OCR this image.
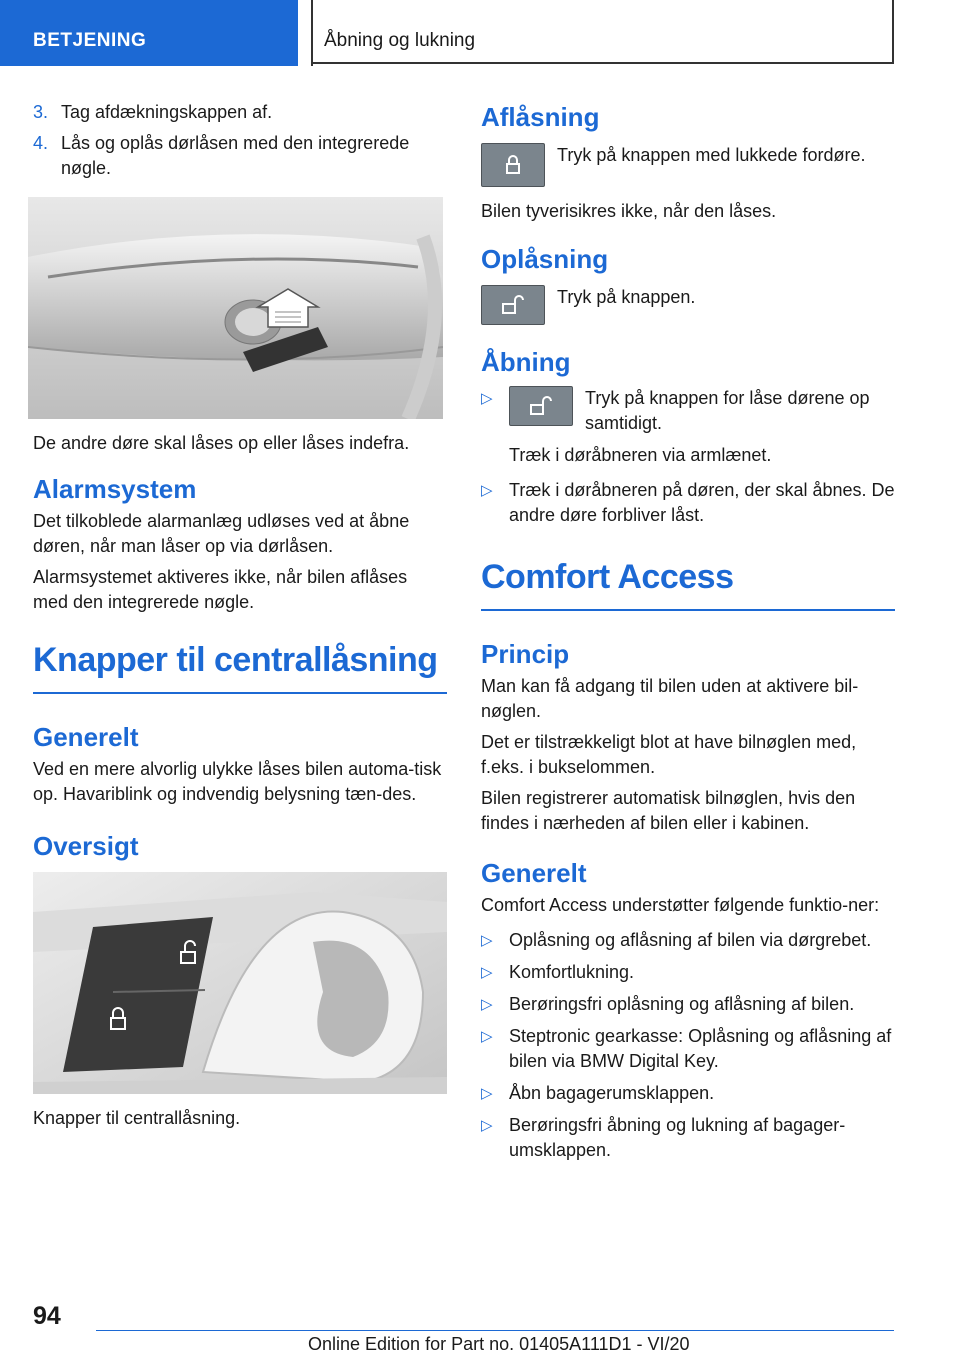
BETJENING	Åbning og lukning
3. Tag afdækningskappen af.
4. Lås og oplås dørlåsen med den integrerede nøgle.

De andre døre skal låses op eller låses indefra.

Alarmsystem

Det tilkoblede alarmanlæg udløses ved at åbne døren, når man låser op via dørlåsen.

Alarmsystemet aktiveres ikke, når bilen aflåses med den integrerede nøgle.

Knapper til centrallåsning
Generelt

Ved en mere alvorlig ulykke låses bilen automa-tisk op. Havariblink og indvendig belysning tæn-des.

Oversigt

Knapper til centrallåsning.

Aflåsning
Tryk på knappen med lukkede fordøre.

Bilen tyverisikres ikke, når den låses.

Oplåsning
Tryk på knappen.
Åbning
▷	Tryk på knappen for låse dørene op samtidigt.

Træk i døråbneren via armlænet.

▷ Træk i døråbneren på døren, der skal åbnes. De andre døre forbliver låst.
Comfort Access
Princip

Man kan få adgang til bilen uden at aktivere bil-nøglen.

Det er tilstrækkeligt blot at have bilnøglen med, f.eks. i bukselommen.

Bilen registrerer automatisk bilnøglen, hvis den findes i nærheden af bilen eller i kabinen.

Generelt

Comfort Access understøtter følgende funktio-ner:

▷ Oplåsning og aflåsning af bilen via dørgrebet.
▷ Komfortlukning.
▷ Berøringsfri oplåsning og aflåsning af bilen.
▷ Steptronic gearkasse: Oplåsning og aflåsning af bilen via BMW Digital Key.
▷ Åbn bagagerumsklappen.
▷ Berøringsfri åbning og lukning af bagager-umsklappen.
94
Online Edition for Part no. 01405A111D1 - VI/20
